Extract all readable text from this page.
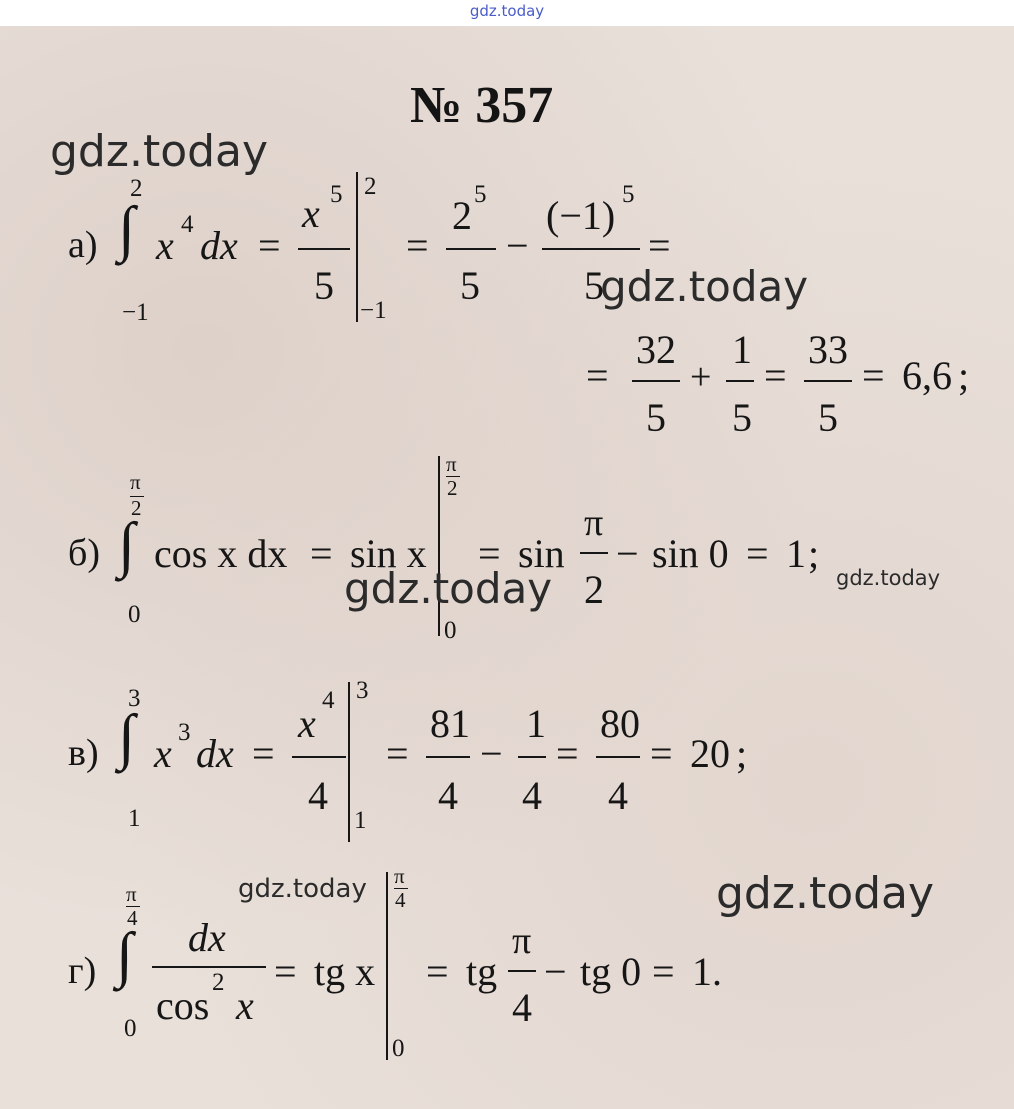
gdz.today
№ 357
а)
2
∫
−1
x 4 dx =
x 5
5
2
−1
=
2 5
5
−
(−1) 5
5
=
=
32
5
+
1
5
=
33
5
= 6,6 ;
б)
π
2
∫
0
cos x dx = sin x
π
2
0
= sin
π
2
− sin 0 = 1 ;
в)
3
∫
1
x 3 dx =
x
4
4
3
1
=
81
4
−
1
4
=
80
4
= 20 ;
г)
π
4
∫
0
dx
cos
2
x
= tg x
π
4
0
= tg
π
4
− tg 0 = 1 .
gdz.today
gdz.today
gdz.today	gdz.today
gdz.today	gdz.today
